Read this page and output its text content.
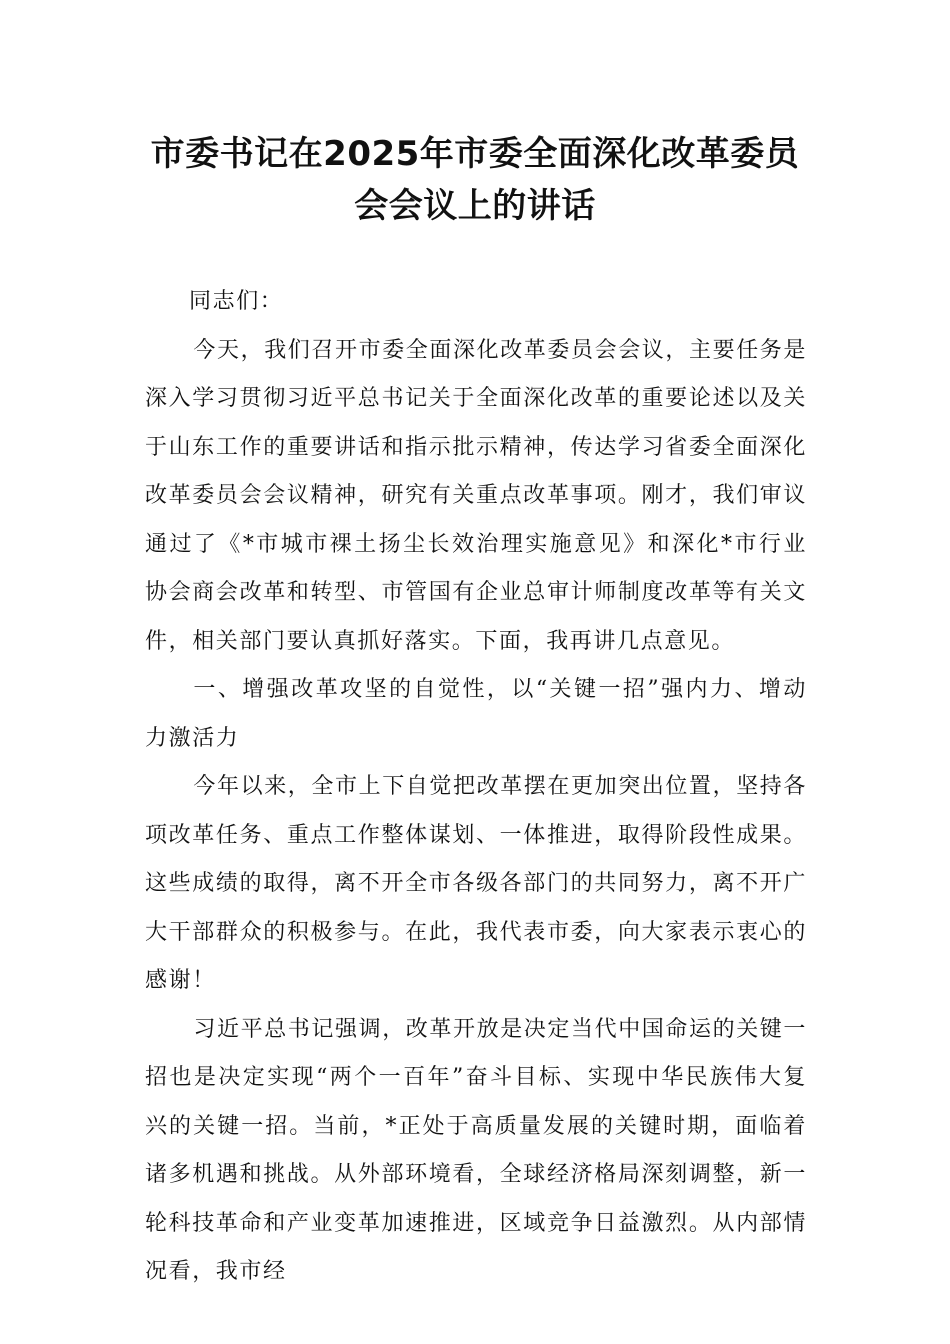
市委书记在2025年市委全面深化改革委员
会会议上的讲话

同志们：

今天，我们召开市委全面深化改革委员会会议，主要任务是深入学习贯彻习近平总书记关于全面深化改革的重要论述以及关于山东工作的重要讲话和指示批示精神，传达学习省委全面深化改革委员会会议精神，研究有关重点改革事项。刚才，我们审议通过了《*市城市裸土扬尘长效治理实施意见》和深化*市行业协会商会改革和转型、市管国有企业总审计师制度改革等有关文件，相关部门要认真抓好落实。下面，我再讲几点意见。

一、增强改革攻坚的自觉性，以“关键一招”强内力、增动力激活力

今年以来，全市上下自觉把改革摆在更加突出位置，坚持各项改革任务、重点工作整体谋划、一体推进，取得阶段性成果。这些成绩的取得，离不开全市各级各部门的共同努力，离不开广大干部群众的积极参与。在此，我代表市委，向大家表示衷心的感谢！

习近平总书记强调，改革开放是决定当代中国命运的关键一招也是决定实现“两个一百年”奋斗目标、实现中华民族伟大复兴的关键一招。当前，*正处于高质量发展的关键时期，面临着诸多机遇和挑战。从外部环境看，全球经济格局深刻调整，新一轮科技革命和产业变革加速推进，区域竞争日益激烈。从内部情况看，我市经
